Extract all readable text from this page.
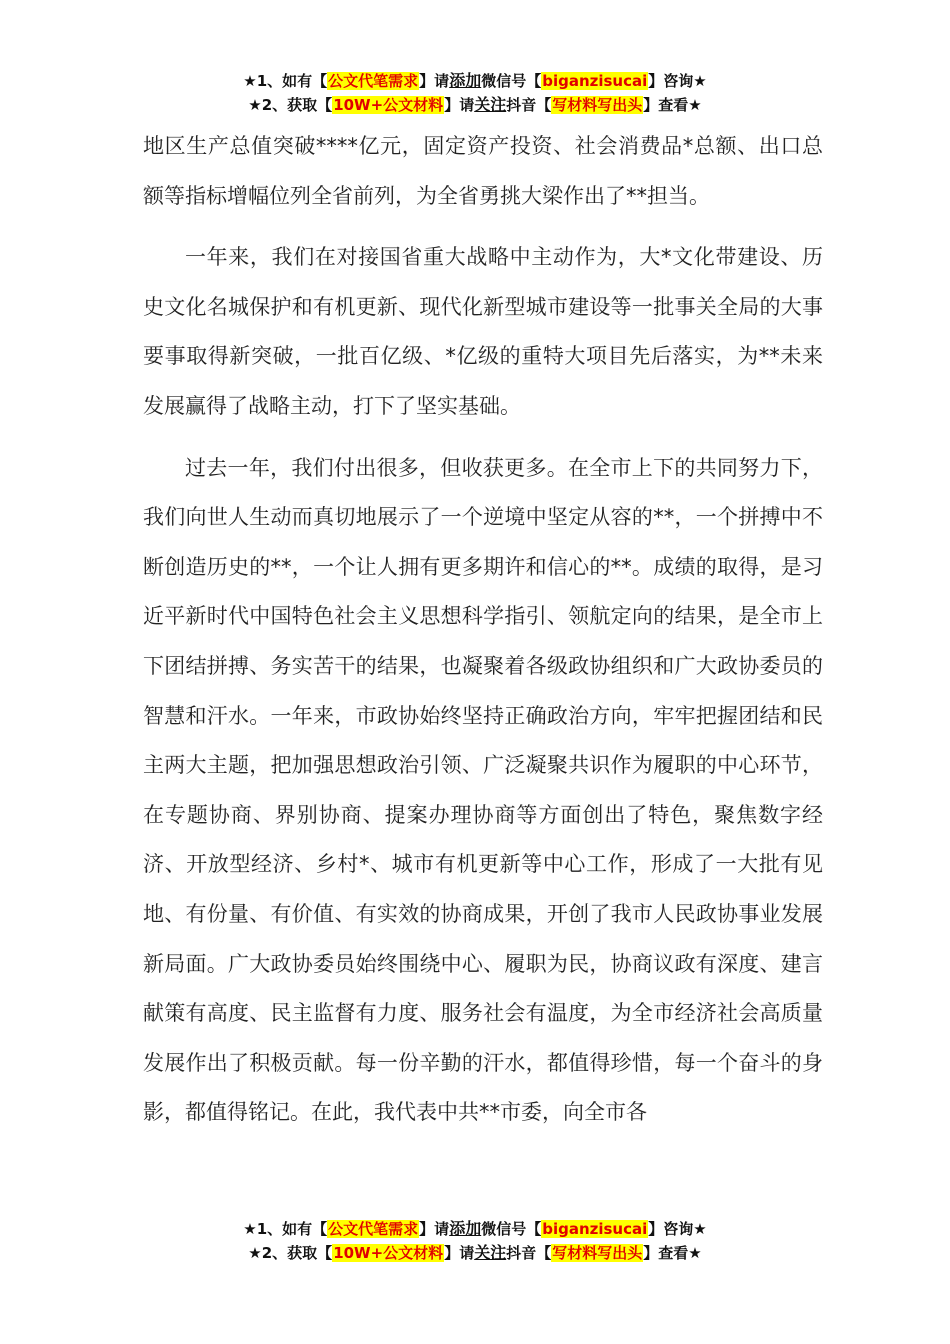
★1、如有【公文代笔需求】请添加微信号【biganzisucai】咨询★
★2、获取【10W+公文材料】请关注抖音【写材料写出头】查看★

地区生产总值突破****亿元，固定资产投资、社会消费品*总额、出口总额等指标增幅位列全省前列，为全省勇挑大梁作出了**担当。

一年来，我们在对接国省重大战略中主动作为，大*文化带建设、历史文化名城保护和有机更新、现代化新型城市建设等一批事关全局的大事要事取得新突破，一批百亿级、*亿级的重特大项目先后落实，为**未来发展赢得了战略主动，打下了坚实基础。

过去一年，我们付出很多，但收获更多。在全市上下的共同努力下，我们向世人生动而真切地展示了一个逆境中坚定从容的**，一个拼搏中不断创造历史的**，一个让人拥有更多期许和信心的**。成绩的取得，是习近平新时代中国特色社会主义思想科学指引、领航定向的结果，是全市上下团结拼搏、务实苦干的结果，也凝聚着各级政协组织和广大政协委员的智慧和汗水。一年来，市政协始终坚持正确政治方向，牢牢把握团结和民主两大主题，把加强思想政治引领、广泛凝聚共识作为履职的中心环节，在专题协商、界别协商、提案办理协商等方面创出了特色，聚焦数字经济、开放型经济、乡村*、城市有机更新等中心工作，形成了一大批有见地、有份量、有价值、有实效的协商成果，开创了我市人民政协事业发展新局面。广大政协委员始终围绕中心、履职为民，协商议政有深度、建言献策有高度、民主监督有力度、服务社会有温度，为全市经济社会高质量发展作出了积极贡献。每一份辛勤的汗水，都值得珍惜，每一个奋斗的身影，都值得铭记。在此，我代表中共**市委，向全市各

★1、如有【公文代笔需求】请添加微信号【biganzisucai】咨询★
★2、获取【10W+公文材料】请关注抖音【写材料写出头】查看★
